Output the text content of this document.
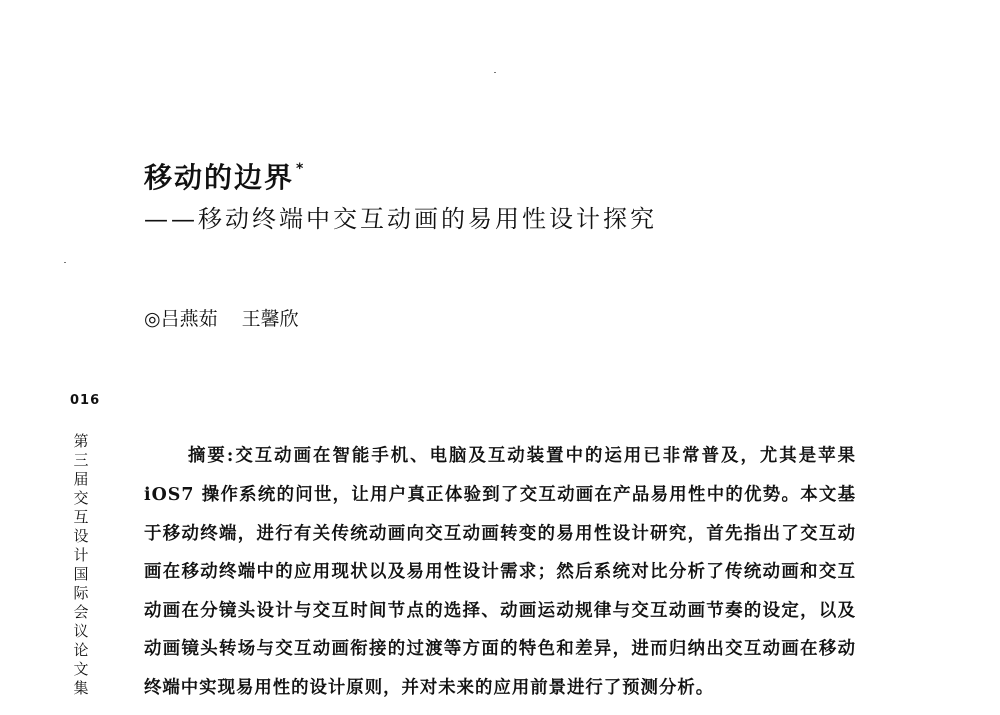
移动的边界 *
——移动终端中交互动画的易用性设计探究
◎吕燕茹 王馨欣
016
第三届交互设计国际会议论文集

摘要:交互动画在智能手机、电脑及互动装置中的运用已非常普及，尤其是苹果 iOS7 操作系统的问世，让用户真正体验到了交互动画在产品易用性中的优势。本文基于移动终端，进行有关传统动画向交互动画转变的易用性设计研究，首先指出了交互动画在移动终端中的应用现状以及易用性设计需求；然后系统对比分析了传统动画和交互动画在分镜头设计与交互时间节点的选择、动画运动规律与交互动画节奏的设定，以及动画镜头转场与交互动画衔接的过渡等方面的特色和差异，进而归纳出交互动画在移动终端中实现易用性的设计原则，并对未来的应用前景进行了预测分析。
